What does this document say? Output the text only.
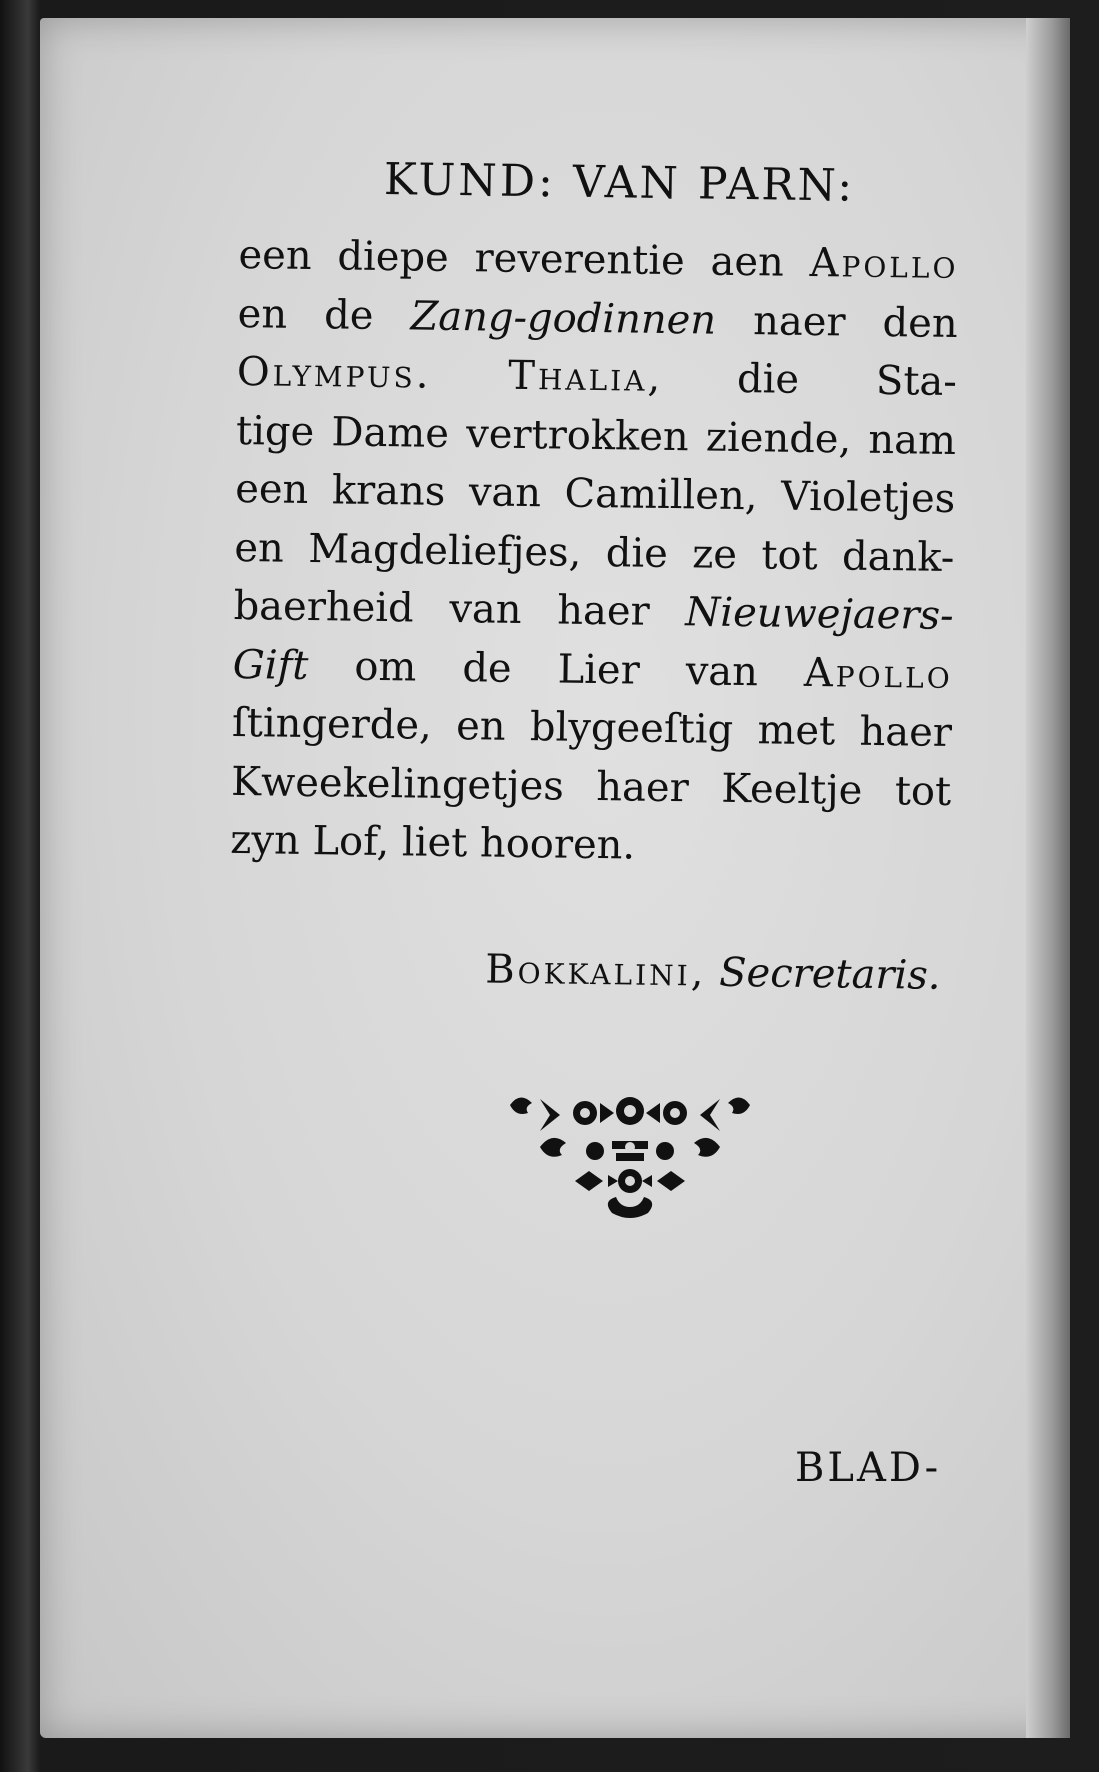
KUND: VAN PARN:
een diepe reverentie aen Apollo
en de Zang-godinnen naer den
Olympus. Thalia, die Sta-
tige Dame vertrokken ziende, nam
een krans van Camillen, Violetjes
en Magdeliefjes, die ze tot dank-
baerheid van haer Nieuwejaers-
Gift om de Lier van Apollo
ſtingerde, en blygeeſtig met haer
Kweekelingetjes haer Keeltje tot
zyn Lof, liet hooren.
Bokkalini, Secretaris.
BLAD-
